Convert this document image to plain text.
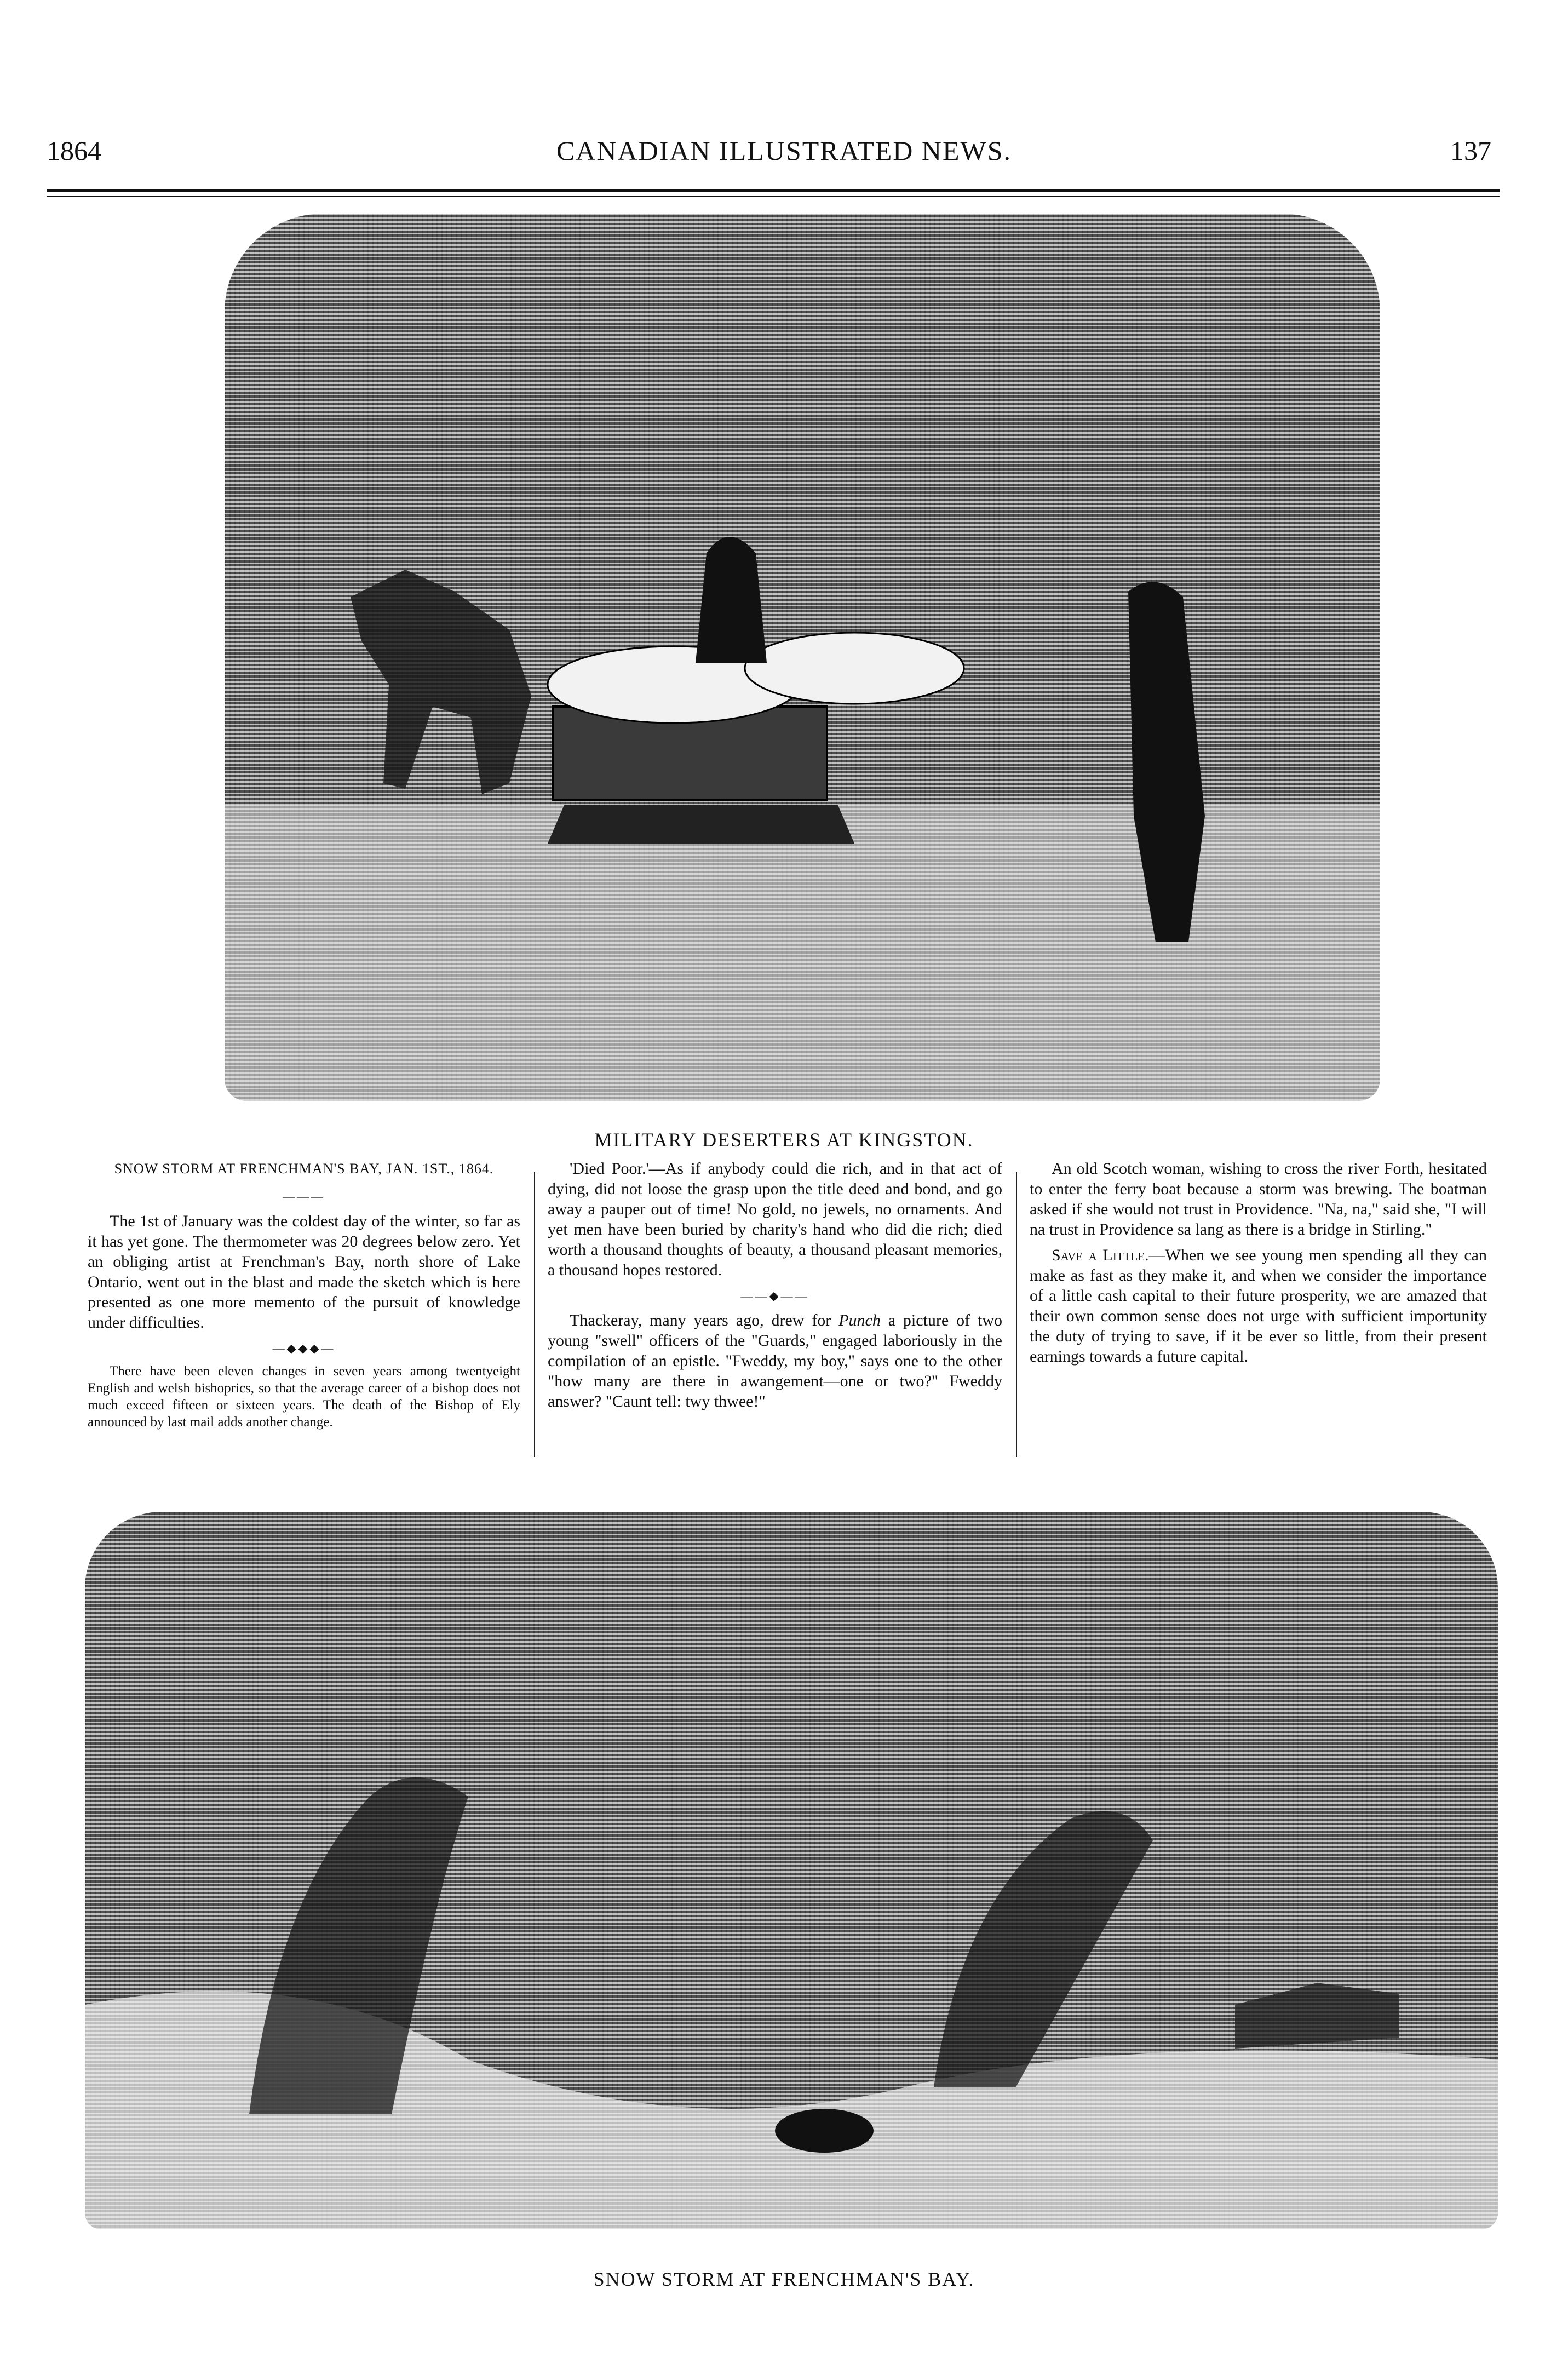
1864	CANADIAN ILLUSTRATED NEWS.	137
MILITARY DESERTERS AT KINGSTON.

SNOW STORM AT FRENCHMAN'S BAY, JAN. 1ST., 1864.

———

The 1st of January was the coldest day of the winter, so far as it has yet gone. The thermometer was 20 degrees below zero. Yet an obliging artist at Frenchman's Bay, north shore of Lake Ontario, went out in the blast and made the sketch which is here presented as one more memento of the pursuit of knowledge under difficulties.

—◆◆◆—

There have been eleven changes in seven years among twentyeight English and welsh bishoprics, so that the average career of a bishop does not much exceed fifteen or sixteen years. The death of the Bishop of Ely announced by last mail adds another change.

'Died Poor.'—As if anybody could die rich, and in that act of dying, did not loose the grasp upon the title deed and bond, and go away a pauper out of time! No gold, no jewels, no ornaments. And yet men have been buried by charity's hand who did die rich; died worth a thousand thoughts of beauty, a thousand pleasant memories, a thousand hopes restored.

——◆——

Thackeray, many years ago, drew for Punch a picture of two young "swell" officers of the "Guards," engaged laboriously in the compilation of an epistle. "Fweddy, my boy," says one to the other "how many are there in awangement—one or two?" Fweddy answer? "Caunt tell: twy thwee!"

An old Scotch woman, wishing to cross the river Forth, hesitated to enter the ferry boat because a storm was brewing. The boatman asked if she would not trust in Providence. "Na, na," said she, "I will na trust in Providence sa lang as there is a bridge in Stirling."

Save a Little.—When we see young men spending all they can make as fast as they make it, and when we consider the importance of a little cash capital to their future prosperity, we are amazed that their own common sense does not urge with sufficient importunity the duty of trying to save, if it be ever so little, from their present earnings towards a future capital.

SNOW STORM AT FRENCHMAN'S BAY.
